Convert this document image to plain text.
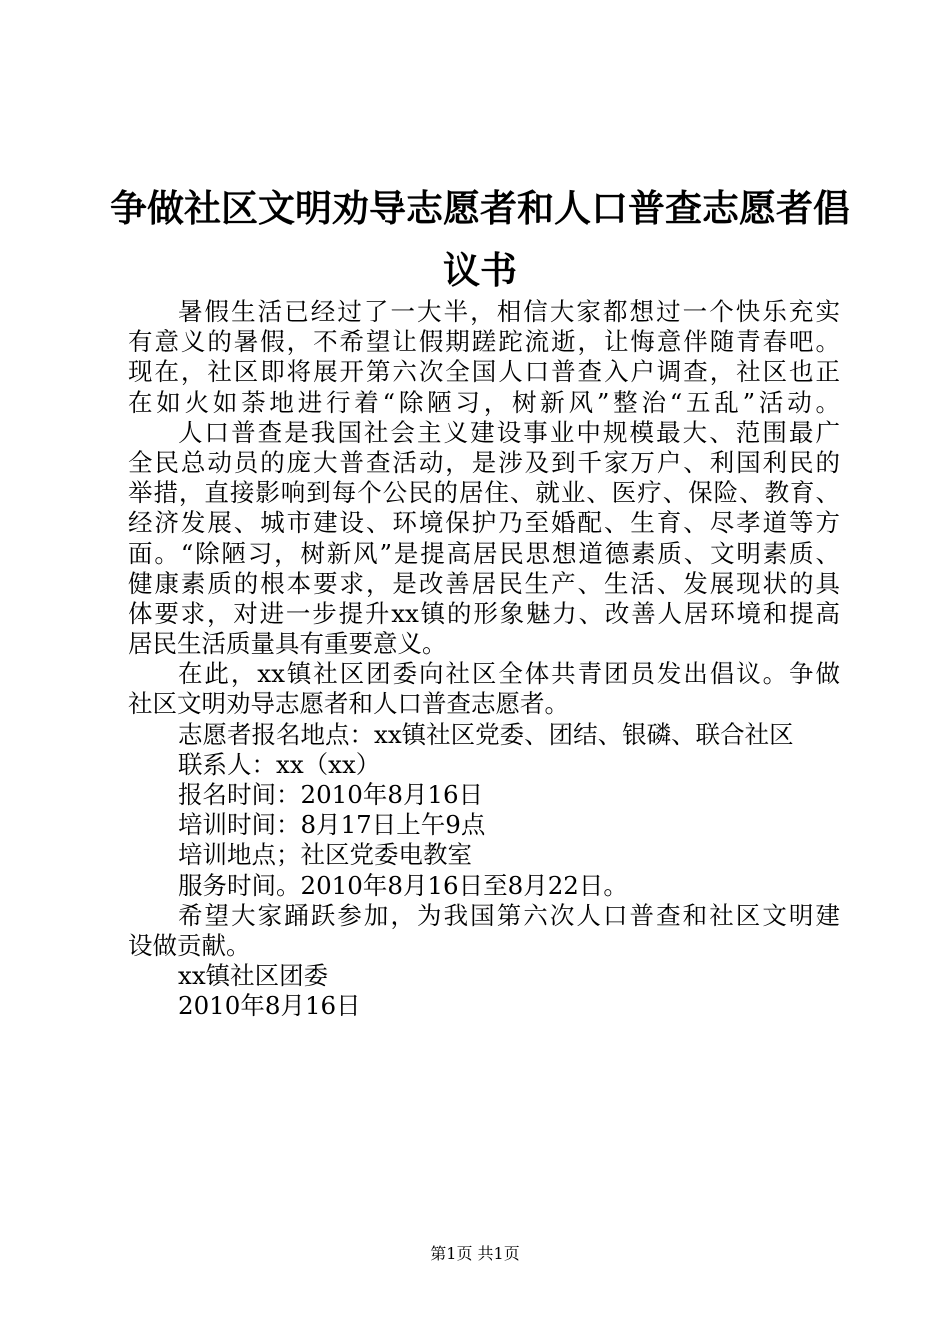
争做社区文明劝导志愿者和人口普查志愿者倡
议书
暑假生活已经过了一大半，相信大家都想过一个快乐充实
有意义的暑假，不希望让假期蹉跎流逝，让悔意伴随青春吧。
现在，社区即将展开第六次全国人口普查入户调查，社区也正
在如火如荼地进行着“除陋习，树新风”整治“五乱”活动。
人口普查是我国社会主义建设事业中规模最大、范围最广
全民总动员的庞大普查活动，是涉及到千家万户、利国利民的
举措，直接影响到每个公民的居住、就业、医疗、保险、教育、
经济发展、城市建设、环境保护乃至婚配、生育、尽孝道等方
面。“除陋习，树新风”是提高居民思想道德素质、文明素质、
健康素质的根本要求，是改善居民生产、生活、发展现状的具
体要求，对进一步提升xx镇的形象魅力、改善人居环境和提高
居民生活质量具有重要意义。
在此，xx镇社区团委向社区全体共青团员发出倡议。争做
社区文明劝导志愿者和人口普查志愿者。
志愿者报名地点：xx镇社区党委、团结、银磷、联合社区
联系人：xx（xx）
报名时间：2010年8月16日
培训时间：8月17日上午9点
培训地点；社区党委电教室
服务时间。2010年8月16日至8月22日。
希望大家踊跃参加，为我国第六次人口普查和社区文明建
设做贡献。
xx镇社区团委
2010年8月16日
第1页 共1页
